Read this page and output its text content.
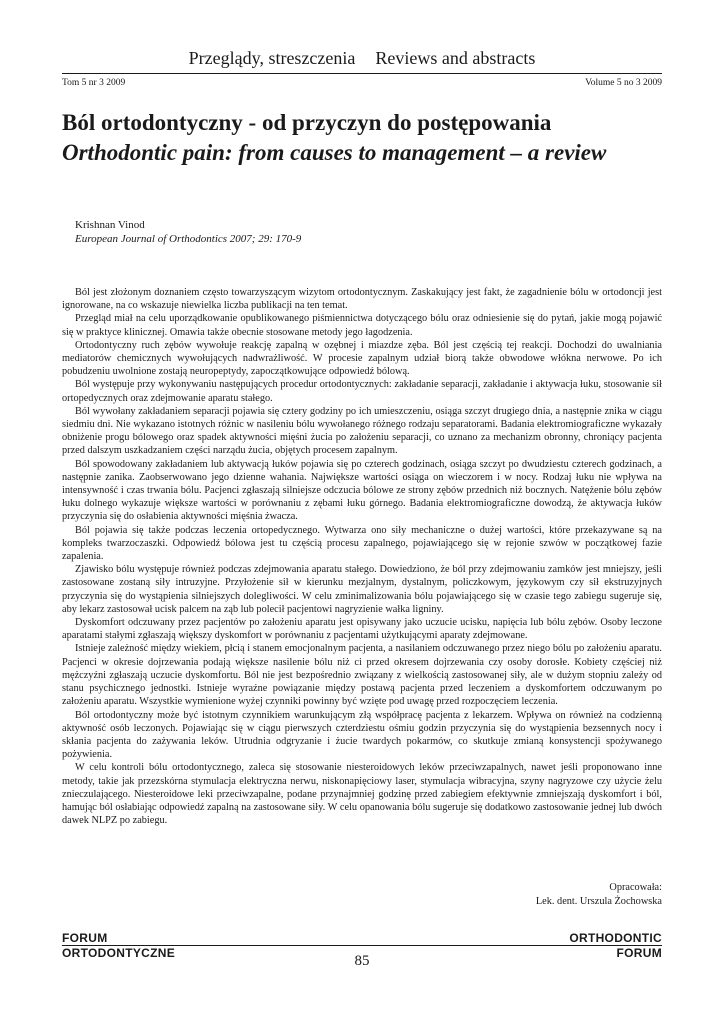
Przeglądy, streszczenia Reviews and abstracts
Tom 5 nr 3 2009	Volume 5 no 3 2009
Ból ortodontyczny - od przyczyn do postępowania
Orthodontic pain: from causes to management – a review
Krishnan Vinod
European Journal of Orthodontics 2007; 29: 170-9

Ból jest złożonym doznaniem często towarzyszącym wizytom ortodontycznym. Zaskakujący jest fakt, że zagadnienie bólu w ortodoncji jest ignorowane, na co wskazuje niewielka liczba publikacji na ten temat.

Przegląd miał na celu uporządkowanie opublikowanego piśmiennictwa dotyczącego bólu oraz odniesienie się do pytań, jakie mogą pojawić się w praktyce klinicznej. Omawia także obecnie stosowane metody jego łagodzenia.

Ortodontyczny ruch zębów wywołuje reakcję zapalną w ozębnej i miazdze zęba. Ból jest częścią tej reakcji. Dochodzi do uwalniania mediatorów chemicznych wywołujących nadwrażliwość. W procesie zapalnym udział biorą także obwodowe włókna nerwowe. Po ich pobudzeniu uwolnione zostają neuropeptydy, zapoczątkowujące odpowiedź bólową.

Ból występuje przy wykonywaniu następujących procedur ortodontycznych: zakładanie separacji, zakładanie i aktywacja łuku, stosowanie sił ortopedycznych oraz zdejmowanie aparatu stałego.

Ból wywołany zakładaniem separacji pojawia się cztery godziny po ich umieszczeniu, osiąga szczyt drugiego dnia, a następnie znika w ciągu siedmiu dni. Nie wykazano istotnych różnic w nasileniu bólu wywołanego różnego rodzaju separatorami. Badania elektromiograficzne wykazały obniżenie progu bólowego oraz spadek aktywności mięśni żucia po założeniu separacji, co uznano za mechanizm obronny, chroniący pacjenta przed dalszym uszkadzaniem części narządu żucia, objętych procesem zapalnym.

Ból spowodowany zakładaniem lub aktywacją łuków pojawia się po czterech godzinach, osiąga szczyt po dwudziestu czterech godzinach, a następnie zanika. Zaobserwowano jego dzienne wahania. Największe wartości osiąga on wieczorem i w nocy. Rodzaj łuku nie wpływa na intensywność i czas trwania bólu. Pacjenci zgłaszają silniejsze odczucia bólowe ze strony zębów przednich niż bocznych. Natężenie bólu zębów łuku dolnego wykazuje większe wartości w porównaniu z zębami łuku górnego. Badania elektromiograficzne dowodzą, że aktywacja łuków przyczynia się do osłabienia aktywności mięśnia żwacza.

Ból pojawia się także podczas leczenia ortopedycznego. Wytwarza ono siły mechaniczne o dużej wartości, które przekazywane są na kompleks twarzoczaszki. Odpowiedź bólowa jest tu częścią procesu zapalnego, pojawiającego się w rejonie szwów w początkowej fazie zapalenia.

Zjawisko bólu występuje również podczas zdejmowania aparatu stałego. Dowiedziono, że ból przy zdejmowaniu zamków jest mniejszy, jeśli zastosowane zostaną siły intruzyjne. Przyłożenie sił w kierunku mezjalnym, dystalnym, policzkowym, językowym czy sił ekstruzyjnych przyczynia się do wystąpienia silniejszych dolegliwości. W celu zminimalizowania bólu pojawiającego się w czasie tego zabiegu sugeruje się, aby lekarz zastosował ucisk palcem na ząb lub polecił pacjentowi nagryzienie wałka ligniny.

Dyskomfort odczuwany przez pacjentów po założeniu aparatu jest opisywany jako uczucie ucisku, napięcia lub bólu zębów. Osoby leczone aparatami stałymi zgłaszają większy dyskomfort w porównaniu z pacjentami użytkującymi aparaty zdejmowane.

Istnieje zależność między wiekiem, płcią i stanem emocjonalnym pacjenta, a nasilaniem odczuwanego przez niego bólu po założeniu aparatu. Pacjenci w okresie dojrzewania podają większe nasilenie bólu niż ci przed okresem dojrzewania czy osoby dorosłe. Kobiety częściej niż mężczyźni zgłaszają uczucie dyskomfortu. Ból nie jest bezpośrednio związany z wielkością zastosowanej siły, ale w dużym stopniu zależy od stanu psychicznego jednostki. Istnieje wyraźne powiązanie między postawą pacjenta przed leczeniem a dyskomfortem odczuwanym po założeniu aparatu. Wszystkie wymienione wyżej czynniki powinny być wzięte pod uwagę przed rozpoczęciem leczenia.

Ból ortodontyczny może być istotnym czynnikiem warunkującym złą współpracę pacjenta z lekarzem. Wpływa on również na codzienną aktywność osób leczonych. Pojawiając się w ciągu pierwszych czterdziestu ośmiu godzin przyczynia się do wystąpienia bezsennych nocy i skłania pacjenta do zażywania leków. Utrudnia odgryzanie i żucie twardych pokarmów, co skutkuje zmianą konsystencji spożywanego pożywienia.

W celu kontroli bólu ortodontycznego, zaleca się stosowanie niesteroidowych leków przeciwzapalnych, nawet jeśli proponowano inne metody, takie jak przezskórna stymulacja elektryczna nerwu, niskonapięciowy laser, stymulacja wibracyjna, szyny nagryzowe czy użycie żelu znieczulającego. Niesteroidowe leki przeciwzapalne, podane przynajmniej godzinę przed zabiegiem efektywnie zmniejszają dyskomfort i ból, hamując ból osłabiając odpowiedź zapalną na zastosowane siły. W celu opanowania bólu sugeruje się dodatkowo zastosowanie jednej lub dwóch dawek NLPZ po zabiegu.

Opracowała:
Lek. dent. Urszula Żochowska
FORUM
ORTODONTYCZNE
ORTHODONTIC
FORUM
85
